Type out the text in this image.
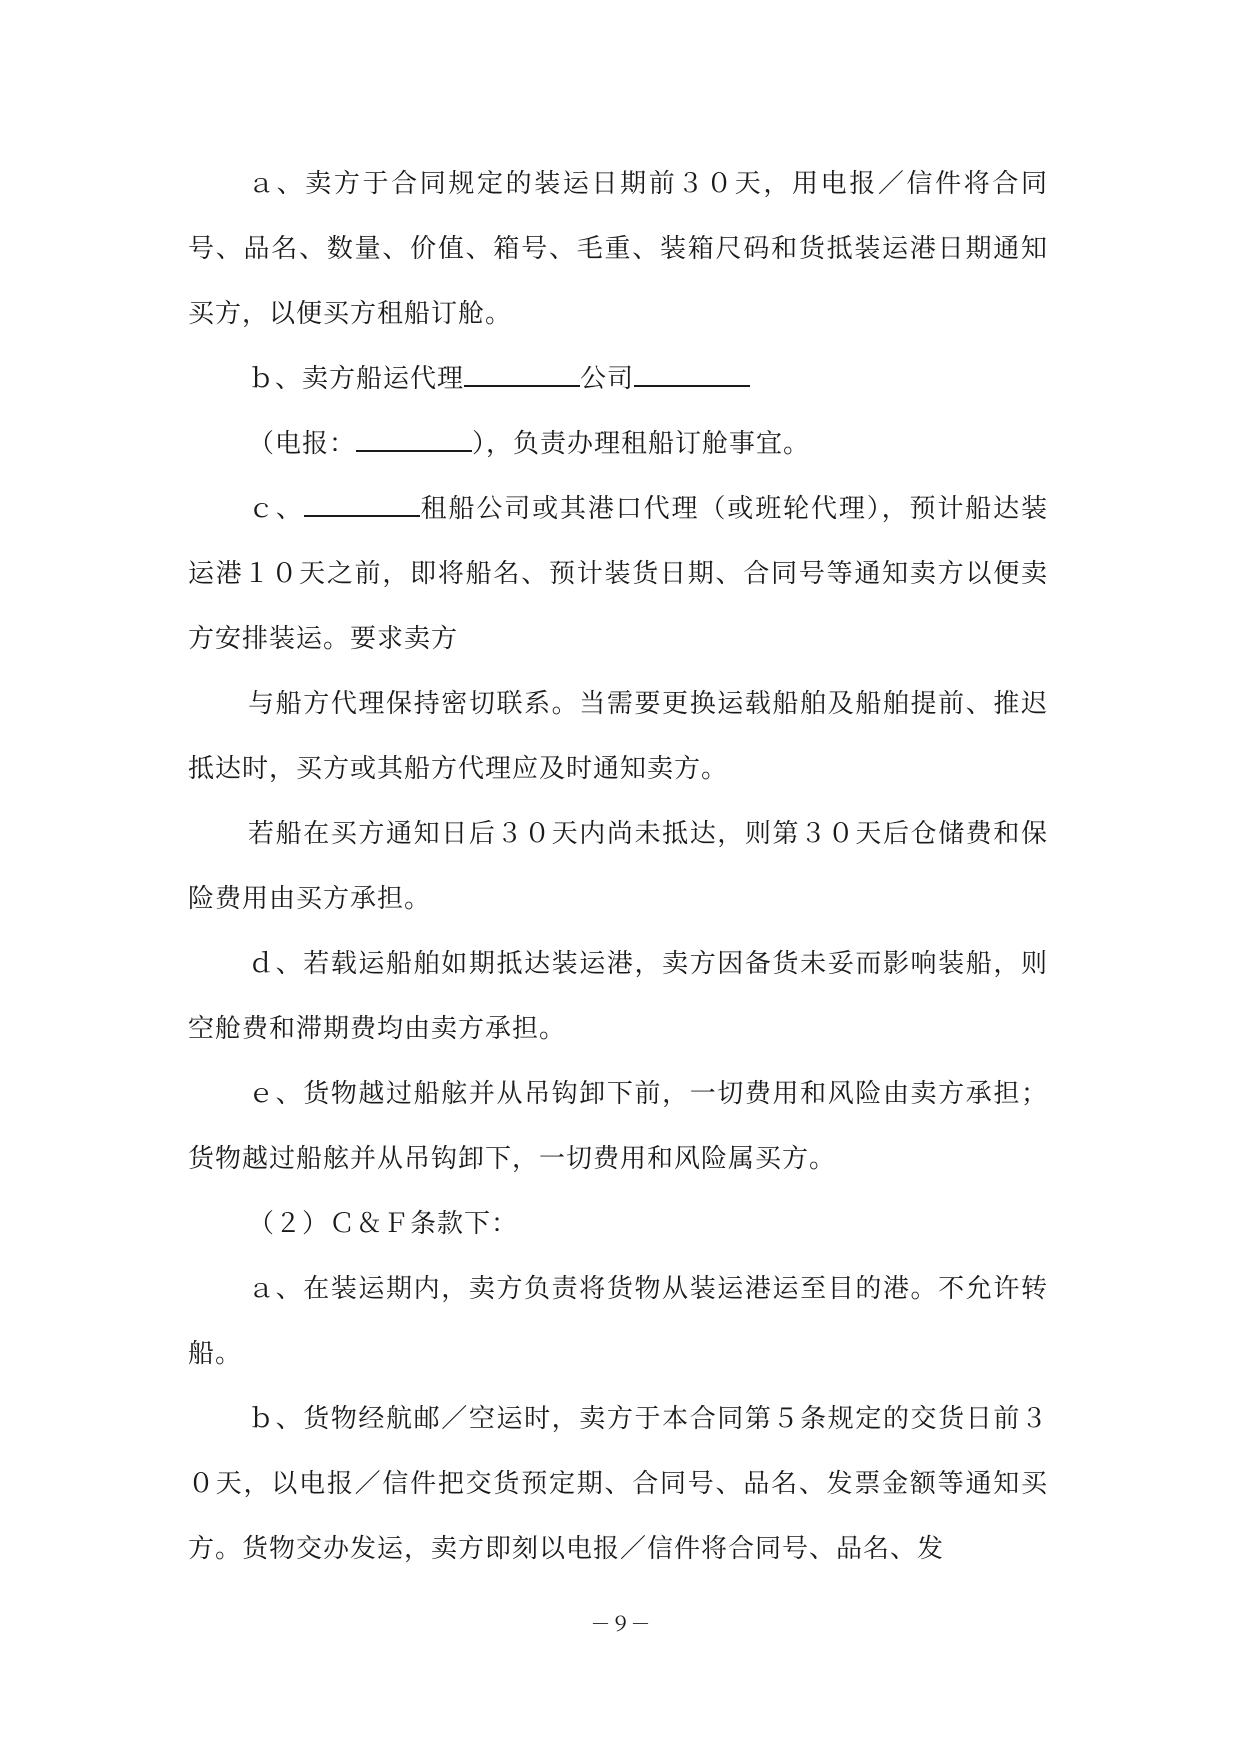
ａ、卖方于合同规定的装运日期前３０天，用电报／信件将合同号、品名、数量、价值、箱号、毛重、装箱尺码和货抵装运港日期通知买方，以便买方租船订舱。

ｂ、卖方船运代理	公司

（电报：	），负责办理租船订舱事宜。

ｃ、	租船公司或其港口代理（或班轮代理），预计船达装运港１０天之前，即将船名、预计装货日期、合同号等通知卖方以便卖方安排装运。要求卖方

与船方代理保持密切联系。当需要更换运载船舶及船舶提前、推迟抵达时，买方或其船方代理应及时通知卖方。

若船在买方通知日后３０天内尚未抵达，则第３０天后仓储费和保险费用由买方承担。

ｄ、若载运船舶如期抵达装运港，卖方因备货未妥而影响装船，则空舱费和滞期费均由卖方承担。

ｅ、货物越过船舷并从吊钩卸下前，一切费用和风险由卖方承担；货物越过船舷并从吊钩卸下，一切费用和风险属买方。

（２）Ｃ＆Ｆ条款下：

ａ、在装运期内，卖方负责将货物从装运港运至目的港。不允许转船。

ｂ、货物经航邮／空运时，卖方于本合同第５条规定的交货日前３０天，以电报／信件把交货预定期、合同号、品名、发票金额等通知买方。货物交办发运，卖方即刻以电报／信件将合同号、品名、发

－９－
